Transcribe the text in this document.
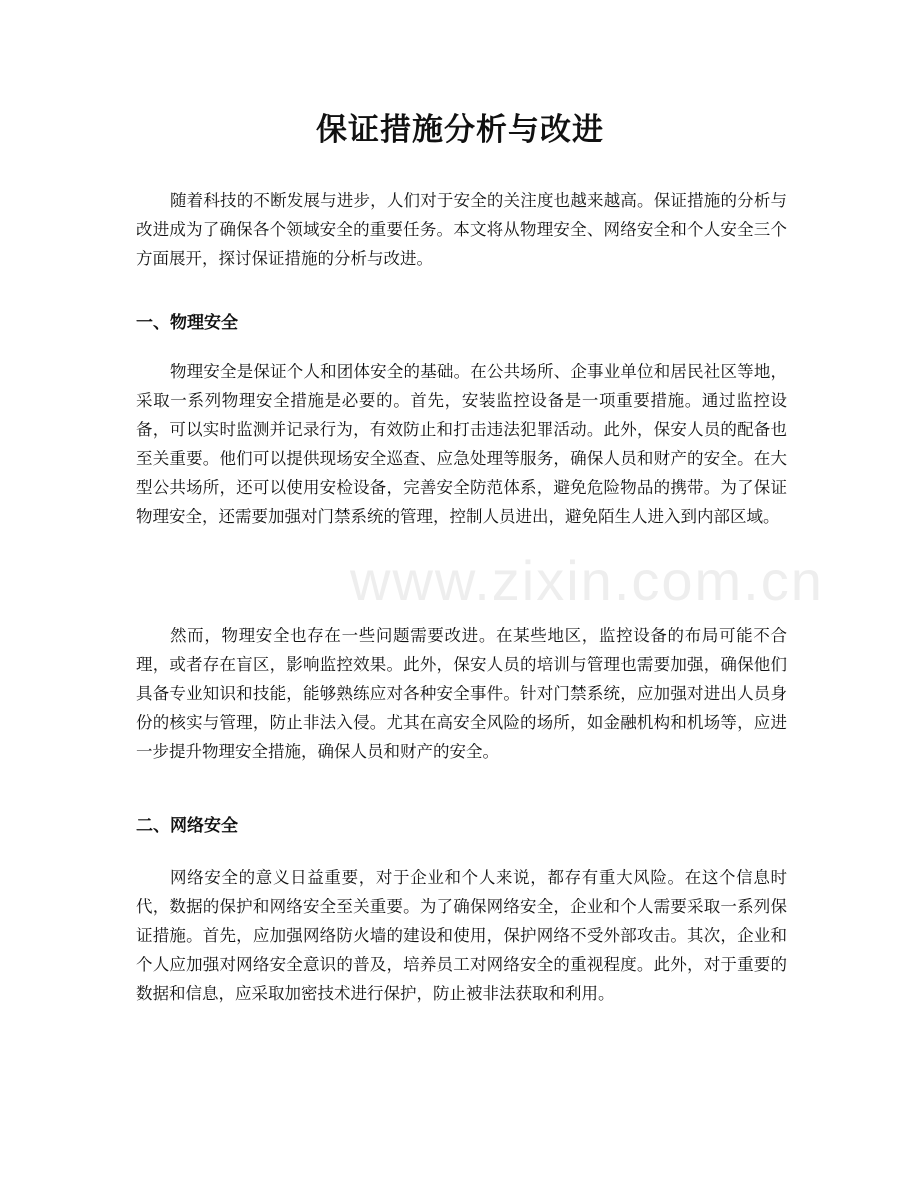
保证措施分析与改进

随着科技的不断发展与进步，人们对于安全的关注度也越来越高。保证措施的分析与改进成为了确保各个领域安全的重要任务。本文将从物理安全、网络安全和个人安全三个方面展开，探讨保证措施的分析与改进。

一、物理安全

物理安全是保证个人和团体安全的基础。在公共场所、企事业单位和居民社区等地，采取一系列物理安全措施是必要的。首先，安装监控设备是一项重要措施。通过监控设备，可以实时监测并记录行为，有效防止和打击违法犯罪活动。此外，保安人员的配备也至关重要。他们可以提供现场安全巡查、应急处理等服务，确保人员和财产的安全。在大型公共场所，还可以使用安检设备，完善安全防范体系，避免危险物品的携带。为了保证物理安全，还需要加强对门禁系统的管理，控制人员进出，避免陌生人进入到内部区域。

然而，物理安全也存在一些问题需要改进。在某些地区，监控设备的布局可能不合理，或者存在盲区，影响监控效果。此外，保安人员的培训与管理也需要加强，确保他们具备专业知识和技能，能够熟练应对各种安全事件。针对门禁系统，应加强对进出人员身份的核实与管理，防止非法入侵。尤其在高安全风险的场所，如金融机构和机场等，应进一步提升物理安全措施，确保人员和财产的安全。

二、网络安全

网络安全的意义日益重要，对于企业和个人来说，都存有重大风险。在这个信息时代，数据的保护和网络安全至关重要。为了确保网络安全，企业和个人需要采取一系列保证措施。首先，应加强网络防火墙的建设和使用，保护网络不受外部攻击。其次，企业和个人应加强对网络安全意识的普及，培养员工对网络安全的重视程度。此外，对于重要的数据和信息，应采取加密技术进行保护，防止被非法获取和利用。

www.zixin.com.cn
